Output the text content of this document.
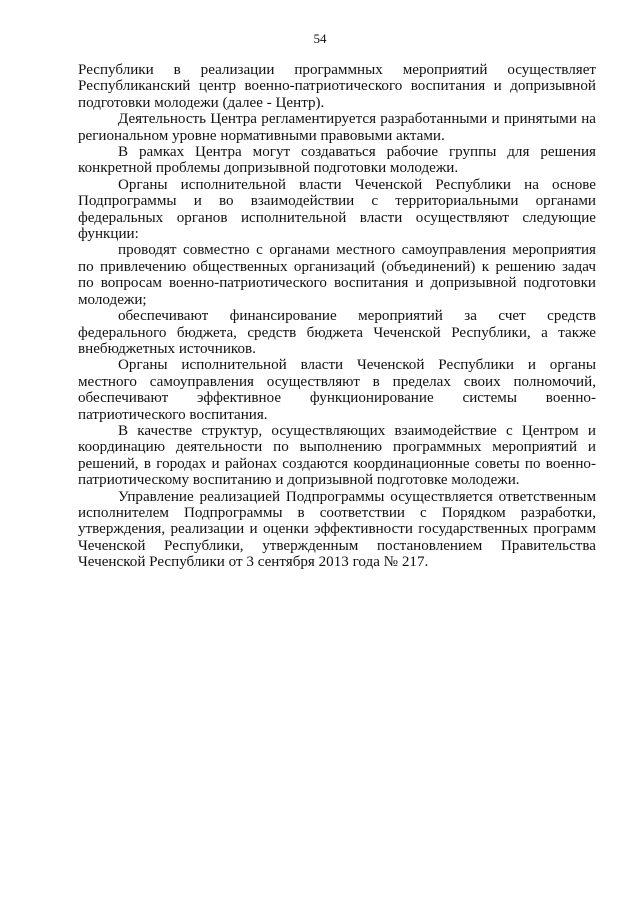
54

Республики в реализации программных мероприятий осуществляет Республиканский центр военно-патриотического воспитания и допризывной подготовки молодежи (далее - Центр).

Деятельность Центра регламентируется разработанными и принятыми на региональном уровне нормативными правовыми актами.

В рамках Центра могут создаваться рабочие группы для решения конкретной проблемы допризывной подготовки молодежи.

Органы исполнительной власти Чеченской Республики на основе Подпрограммы и во взаимодействии с территориальными органами федеральных органов исполнительной власти осуществляют следующие функции:

проводят совместно с органами местного самоуправления мероприятия по привлечению общественных организаций (объединений) к решению задач по вопросам военно-патриотического воспитания и допризывной подготовки молодежи;

обеспечивают финансирование мероприятий за счет средств федерального бюджета, средств бюджета Чеченской Республики, а также внебюджетных источников.

Органы исполнительной власти Чеченской Республики и органы местного самоуправления осуществляют в пределах своих полномочий, обеспечивают эффективное функционирование системы военно-патриотического воспитания.

В качестве структур, осуществляющих взаимодействие с Центром и координацию деятельности по выполнению программных мероприятий и решений, в городах и районах создаются координационные советы по военно-патриотическому воспитанию и допризывной подготовке молодежи.

Управление реализацией Подпрограммы осуществляется ответственным исполнителем Подпрограммы в соответствии с Порядком разработки, утверждения, реализации и оценки эффективности государственных программ Чеченской Республики, утвержденным постановлением Правительства Чеченской Республики от 3 сентября 2013 года № 217.
